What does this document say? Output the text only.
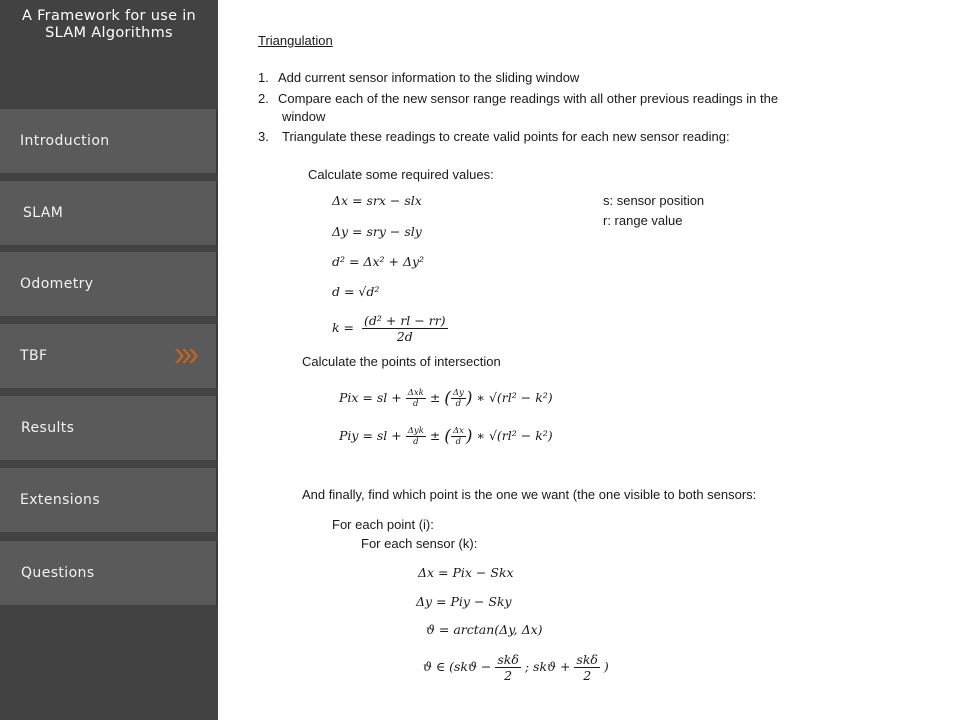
A Framework for use in
SLAM Algorithms
Introduction
SLAM
Odometry
TBF
Results
Extensions
Questions
Triangulation
1. Add current sensor information to the sliding window
2. Compare each of the new sensor range readings with all other previous readings in the
window
3. Triangulate these readings to create valid points for each new sensor reading:
Calculate some required values:
Δx = srx − slx
Δy = sry − sly
d² = Δx² + Δy²
d = √d²
$k = \frac{\text{(d² + rl − rr)}}{2d}$
s: sensor position
r: range value
Calculate the points of intersection
Pix = sl + $\frac{\text{Δxk}}{d}$ ± ( $\frac{\Delta y}{d}$ ) ∗ √(rl² − k²)
Piy = sl + $\frac{\text{Δyk}}{d}$ ± ( $\frac{\Delta x}{d}$ ) ∗ √(rl² − k²)
And finally, find which point is the one we want (the one visible to both sensors:
For each point (i):
For each sensor (k):
Δx = Pix − Skx
Δy = Piy − Sky
ϑ = arctan(Δy, Δx)
ϑ ∈ ($skϑ - \frac{\text{skδ}}{2}$ ; $skϑ + \frac{\text{skδ}}{2}$ )
